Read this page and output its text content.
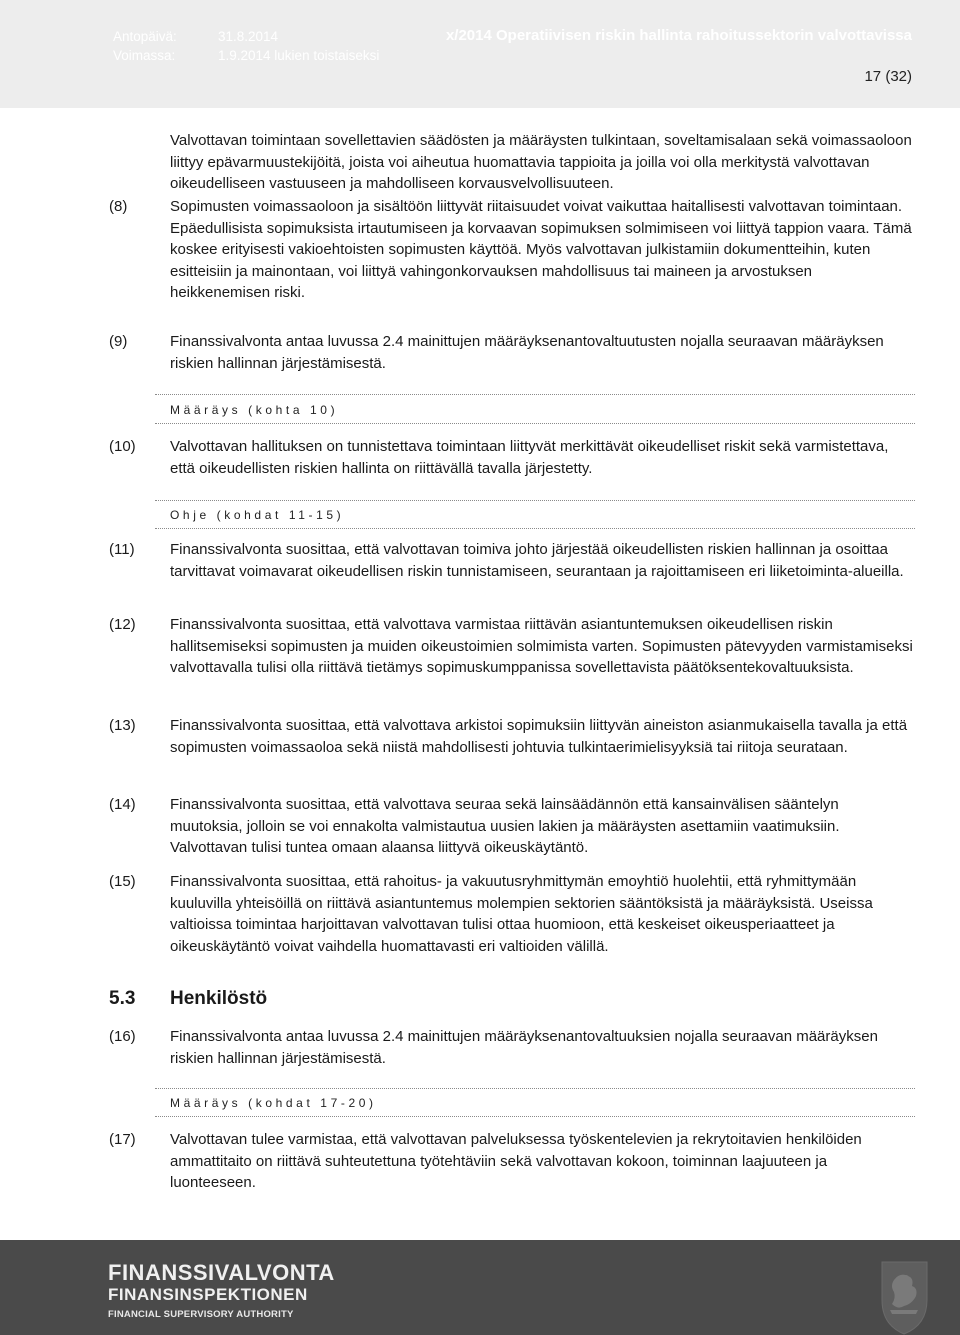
Antopäivä:	31.8.2014
Voimassa:	1.9.2014 lukien toistaiseksi
x/2014 Operatiivisen riskin hallinta rahoitussektorin valvottavissa
17 (32)
Valvottavan toimintaan sovellettavien säädösten ja määräysten tulkintaan, soveltamisalaan sekä voimassaoloon liittyy epävarmuustekijöitä, joista voi aiheutua huomattavia tappioita ja joilla voi olla merkitystä valvottavan oikeudelliseen vastuuseen ja mahdolliseen korvausvelvollisuuteen.
(8)	Sopimusten voimassaoloon ja sisältöön liittyvät riitaisuudet voivat vaikuttaa haitallisesti valvottavan toimintaan. Epäedullisista sopimuksista irtautumiseen ja korvaavan sopimuksen solmimiseen voi liittyä tappion vaara. Tämä koskee erityisesti vakioehtoisten sopimusten käyttöä. Myös valvottavan julkistamiin dokumentteihin, kuten esitteisiin ja mainontaan, voi liittyä vahingonkorvauksen mahdollisuus tai maineen ja arvostuksen heikkenemisen riski.
(9)	Finanssivalvonta antaa luvussa 2.4 mainittujen määräyksenantovaltuutusten nojalla seuraavan määräyksen riskien hallinnan järjestämisestä.
Määräys (kohta 10)
(10) Valvottavan hallituksen on tunnistettava toimintaan liittyvät merkittävät oikeudelliset riskit sekä varmistettava, että oikeudellisten riskien hallinta on riittävällä tavalla järjestetty.
Ohje (kohdat 11-15)
(11) Finanssivalvonta suosittaa, että valvottavan toimiva johto järjestää oikeudellisten riskien hallinnan ja osoittaa tarvittavat voimavarat oikeudellisen riskin tunnistamiseen, seurantaan ja rajoittamiseen eri liiketoiminta-alueilla.
(12) Finanssivalvonta suosittaa, että valvottava varmistaa riittävän asiantuntemuksen oikeudellisen riskin hallitsemiseksi sopimusten ja muiden oikeustoimien solmimista varten. Sopimusten pätevyyden varmistamiseksi valvottavalla tulisi olla riittävä tietämys sopimuskumppanissa sovellettavista päätöksentekovaltuuksista.
(13) Finanssivalvonta suosittaa, että valvottava arkistoi sopimuksiin liittyvän aineiston asianmukaisella tavalla ja että sopimusten voimassaoloa sekä niistä mahdollisesti johtuvia tulkintaerimielisyyksiä tai riitoja seurataan.
(14) Finanssivalvonta suosittaa, että valvottava seuraa sekä lainsäädännön että kansainvälisen sääntelyn muutoksia, jolloin se voi ennakolta valmistautua uusien lakien ja määräysten asettamiin vaatimuksiin. Valvottavan tulisi tuntea omaan alaansa liittyvä oikeuskäytäntö.
(15) Finanssivalvonta suosittaa, että rahoitus- ja vakuutusryhmittymän emoyhtiö huolehtii, että ryhmittymään kuuluvilla yhteisöillä on riittävä asiantuntemus molempien sektorien sääntöksistä ja määräyksistä. Useissa valtioissa toimintaa harjoittavan valvottavan tulisi ottaa huomioon, että keskeiset oikeusperiaatteet ja oikeuskäytäntö voivat vaihdella huomattavasti eri valtioiden välillä.
5.3 Henkilöstö
(16) Finanssivalvonta antaa luvussa 2.4 mainittujen määräyksenantovaltuuksien nojalla seuraavan määräyksen riskien hallinnan järjestämisestä.
Määräys (kohdat 17-20)
(17) Valvottavan tulee varmistaa, että valvottavan palveluksessa työskentelevien ja rekrytoitavien henkilöiden ammattitaito on riittävä suhteutettuna työtehtäviin sekä valvottavan kokoon, toiminnan laajuuteen ja luonteeseen.
FINANSSIVALVONTA
FINANSINSPEKTIONEN
FINANCIAL SUPERVISORY AUTHORITY
